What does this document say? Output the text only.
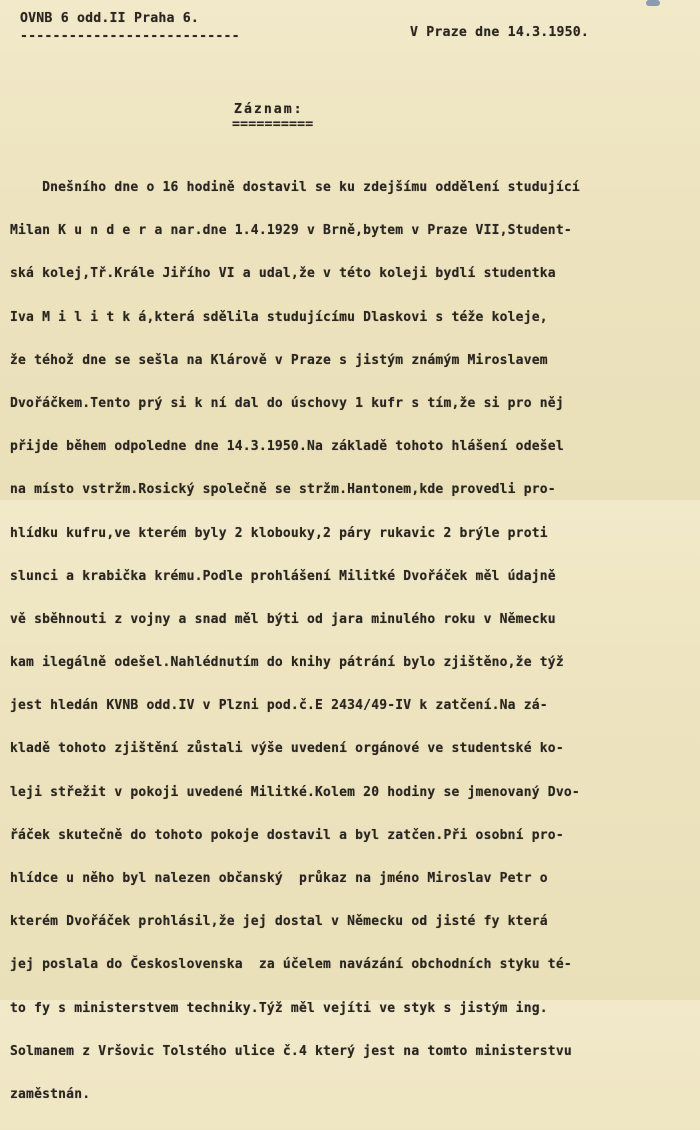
OVNB 6 odd.II Praha 6.
---------------------------	V Praze dne 14.3.1950.
Záznam:
==========

Dnešního dne o 16 hodině dostavil se ku zdejšímu oddělení studující

Milan K u n d e r a nar.dne 1.4.1929 v Brně,bytem v Praze VII,Student-

ská kolej,Tř.Krále Jiřího VI a udal,že v této koleji bydlí studentka

Iva M i l i t k á,která sdělila studujícímu Dlaskovi s téže koleje,

že téhož dne se sešla na Klárově v Praze s jistým známým Miroslavem

Dvořáčkem.Tento prý si k ní dal do úschovy 1 kufr s tím,že si pro něj

přijde během odpoledne dne 14.3.1950.Na základě tohoto hlášení odešel

na místo vstržm.Rosický společně se stržm.Hantonem,kde provedli pro-

hlídku kufru,ve kterém byly 2 klobouky,2 páry rukavic 2 brýle proti

slunci a krabička krému.Podle prohlášení Militké Dvořáček měl údajně

vě sběhnouti z vojny a snad měl býti od jara minulého roku v Německu

kam ilegálně odešel.Nahlédnutím do knihy pátrání bylo zjištěno,že týž

jest hledán KVNB odd.IV v Plzni pod.č.E 2434/49-IV k zatčení.Na zá-

kladě tohoto zjištění zůstali výše uvedení orgánové ve studentské ko-

leji střežit v pokoji uvedené Militké.Kolem 20 hodiny se jmenovaný Dvo-

řáček skutečně do tohoto pokoje dostavil a byl zatčen.Při osobní pro-

hlídce u něho byl nalezen občanský  průkaz na jméno Miroslav Petr o

kterém Dvořáček prohlásil,že jej dostal v Německu od jisté fy která

jej poslala do Československa  za účelem navázání obchodních styku té-

to fy s ministerstvem techniky.Týž měl vejíti ve styk s jistým ing.

Solmanem z Vršovic Tolstého ulice č.4 který jest na tomto ministerstvu

zaměstnán.
